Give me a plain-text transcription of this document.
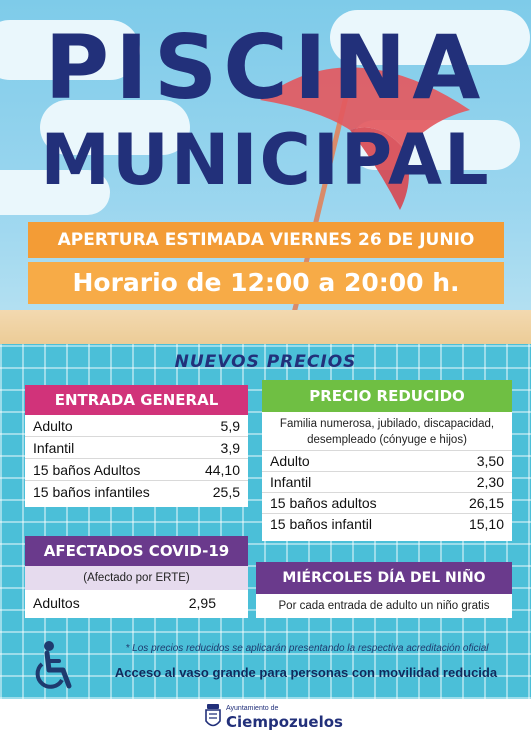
PISCINA
MUNICIPAL
APERTURA ESTIMADA VIERNES 26 DE JUNIO
Horario de 12:00 a 20:00 h.
NUEVOS PRECIOS
ENTRADA GENERAL
Adulto	5,9
Infantil	3,9
15 baños Adultos	44,10
15 baños infantiles	25,5
PRECIO REDUCIDO
Familia numerosa, jubilado, discapacidad, desempleado (cónyuge e hijos)
Adulto	3,50
Infantil	2,30
15 baños adultos	26,15
15 baños infantil	15,10
AFECTADOS COVID-19
(Afectado por ERTE)
Adultos	2,95
MIÉRCOLES DÍA DEL NIÑO
Por cada entrada de adulto un niño gratis
* Los precios reducidos se aplicarán presentando la respectiva acreditación oficial
Acceso al vaso grande para personas con movilidad reducida
Ayuntamiento de
Ciempozuelos
